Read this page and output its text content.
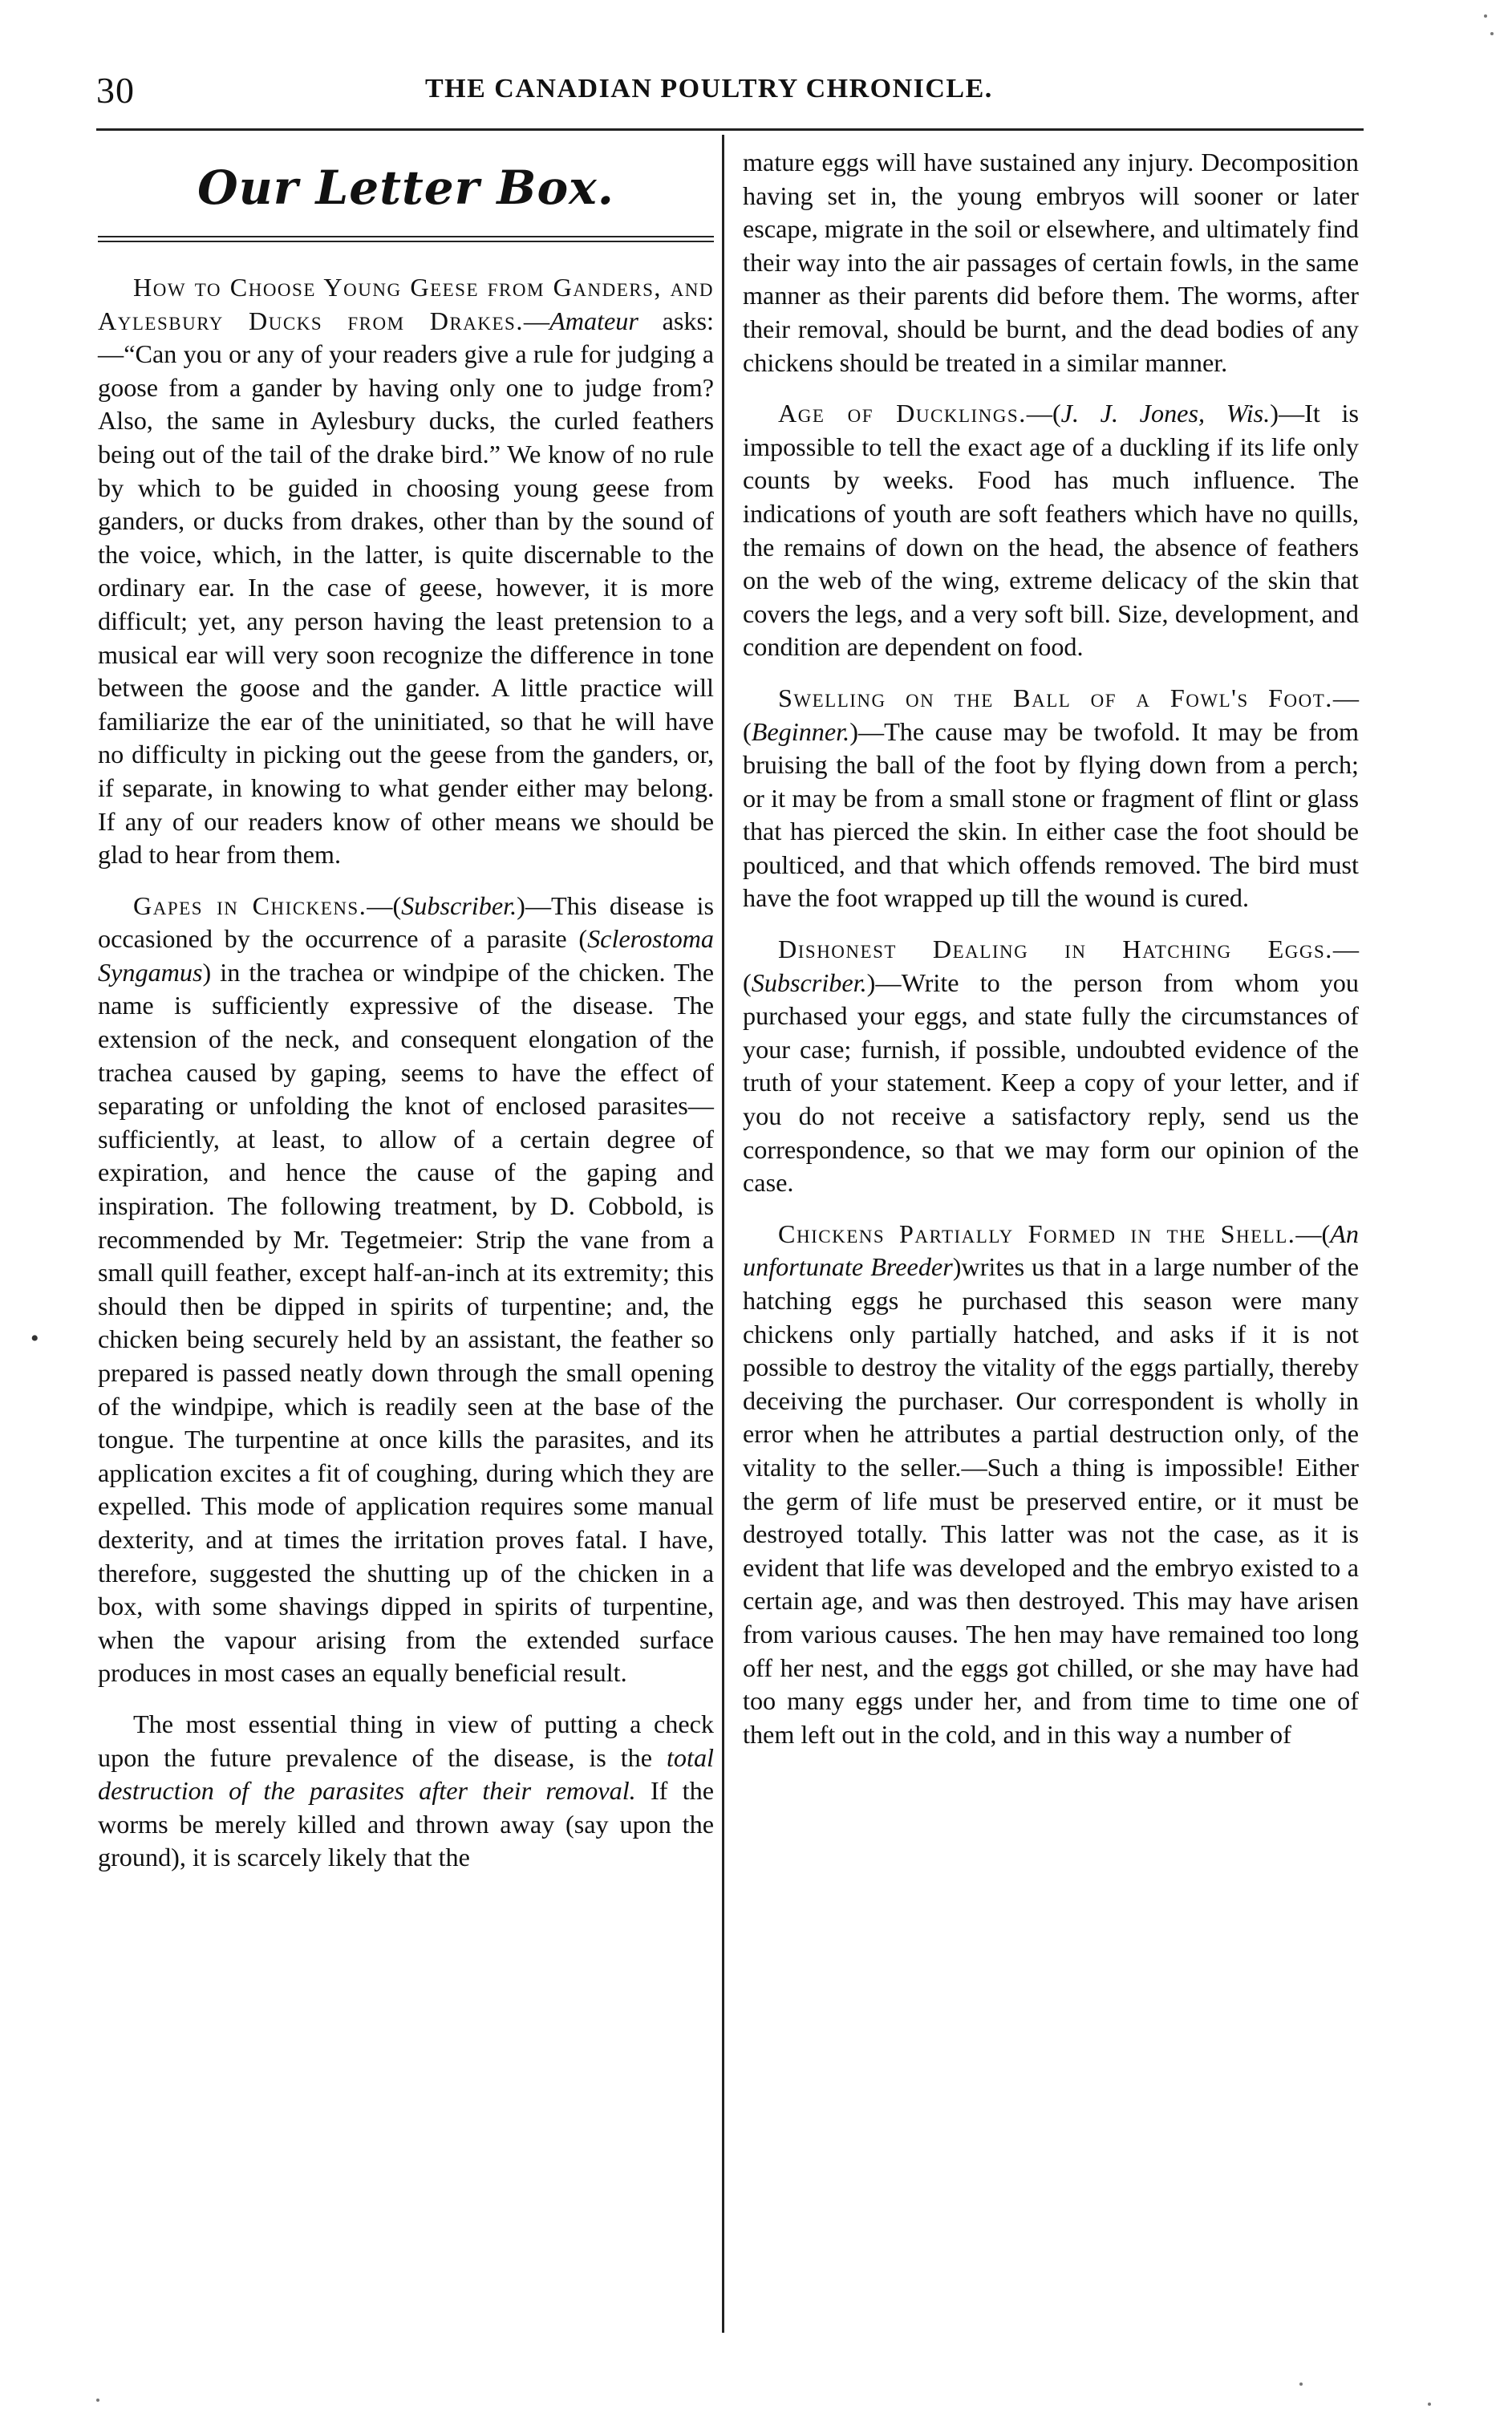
30	THE CANADIAN POULTRY CHRONICLE.
•
Our Letter Box.

How to Choose Young Geese from Ganders, and Aylesbury Ducks from Drakes.—Amateur asks:—“Can you or any of your readers give a rule for judging a goose from a gander by having only one to judge from? Also, the same in Aylesbury ducks, the curled feathers being out of the tail of the drake bird.” We know of no rule by which to be guided in choosing young geese from ganders, or ducks from drakes, other than by the sound of the voice, which, in the latter, is quite discernable to the ordinary ear. In the case of geese, however, it is more difficult; yet, any person having the least pretension to a musical ear will very soon recognize the difference in tone between the goose and the gander. A little practice will familiarize the ear of the uninitiated, so that he will have no difficulty in picking out the geese from the ganders, or, if separate, in knowing to what gender either may belong. If any of our readers know of other means we should be glad to hear from them.

Gapes in Chickens.—(Subscriber.)—This disease is occasioned by the occurrence of a parasite (Sclerostoma Syngamus) in the trachea or windpipe of the chicken. The name is sufficiently expressive of the disease. The extension of the neck, and consequent elongation of the trachea caused by gaping, seems to have the effect of separating or unfolding the knot of enclosed parasites—sufficiently, at least, to allow of a certain degree of expiration, and hence the cause of the gaping and inspiration. The following treatment, by D. Cobbold, is recommended by Mr. Tegetmeier: Strip the vane from a small quill feather, except half-an-inch at its extremity; this should then be dipped in spirits of turpentine; and, the chicken being securely held by an assistant, the feather so prepared is passed neatly down through the small opening of the windpipe, which is readily seen at the base of the tongue. The turpentine at once kills the parasites, and its application excites a fit of coughing, during which they are expelled. This mode of application requires some manual dexterity, and at times the irritation proves fatal. I have, therefore, suggested the shutting up of the chicken in a box, with some shavings dipped in spirits of turpentine, when the vapour arising from the extended surface produces in most cases an equally beneficial result.

The most essential thing in view of putting a check upon the future prevalence of the disease, is the total destruction of the parasites after their removal. If the worms be merely killed and thrown away (say upon the ground), it is scarcely likely that the

mature eggs will have sustained any injury. Decomposition having set in, the young embryos will sooner or later escape, migrate in the soil or elsewhere, and ultimately find their way into the air passages of certain fowls, in the same manner as their parents did before them. The worms, after their removal, should be burnt, and the dead bodies of any chickens should be treated in a similar manner.

Age of Ducklings.—(J. J. Jones, Wis.)—It is impossible to tell the exact age of a duckling if its life only counts by weeks. Food has much influence. The indications of youth are soft feathers which have no quills, the remains of down on the head, the absence of feathers on the web of the wing, extreme delicacy of the skin that covers the legs, and a very soft bill. Size, development, and condition are dependent on food.

Swelling on the Ball of a Fowl's Foot.—(Beginner.)—The cause may be twofold. It may be from bruising the ball of the foot by flying down from a perch; or it may be from a small stone or fragment of flint or glass that has pierced the skin. In either case the foot should be poulticed, and that which offends removed. The bird must have the foot wrapped up till the wound is cured.

Dishonest Dealing in Hatching Eggs.—(Subscriber.)—Write to the person from whom you purchased your eggs, and state fully the circumstances of your case; furnish, if possible, undoubted evidence of the truth of your statement. Keep a copy of your letter, and if you do not receive a satisfactory reply, send us the correspondence, so that we may form our opinion of the case.

Chickens Partially Formed in the Shell.—(An unfortunate Breeder)writes us that in a large number of the hatching eggs he purchased this season were many chickens only partially hatched, and asks if it is not possible to destroy the vitality of the eggs partially, thereby deceiving the purchaser. Our correspondent is wholly in error when he attributes a partial destruction only, of the vitality to the seller.—Such a thing is impossible! Either the germ of life must be preserved entire, or it must be destroyed totally. This latter was not the case, as it is evident that life was developed and the embryo existed to a certain age, and was then destroyed. This may have arisen from various causes. The hen may have remained too long off her nest, and the eggs got chilled, or she may have had too many eggs under her, and from time to time one of them left out in the cold, and in this way a number of
